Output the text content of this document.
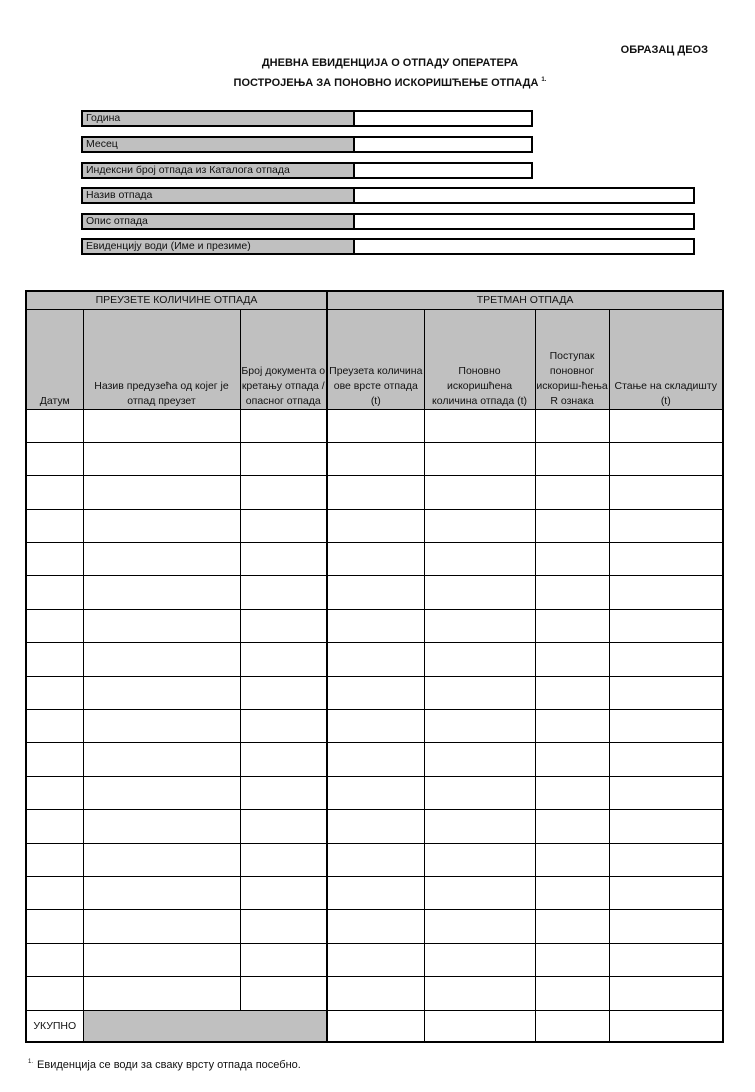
ОБРАЗАЦ ДЕОЗ
ДНЕВНА ЕВИДЕНЦИЈА О ОТПАДУ ОПЕРАТЕРА
ПОСТРОЈЕЊА ЗА ПОНОВНО ИСКОРИШЋЕЊЕ ОТПАДА $^{1.}$
Година
Месец
Индексни број отпада из Каталога отпада
Назив отпада
Опис отпада
Евиденцију води (Име и презиме)
ПРЕУЗЕТЕ КОЛИЧИНЕ ОТПАДА			ТРЕТМАН ОТПАДА			
Датум	Назив предузећа од којег је отпад преузет	Број документа о кретању отпада / опасног отпада	Преузета количина ове врсте отпада (t)	Поновно искоришћена количина отпада (t)	Поступак поновног искориш-ћења R ознака	Стање на складишту (t)

УКУПНО						
$^{1.}$ Евиденција се води за сваку врсту отпада посебно.
